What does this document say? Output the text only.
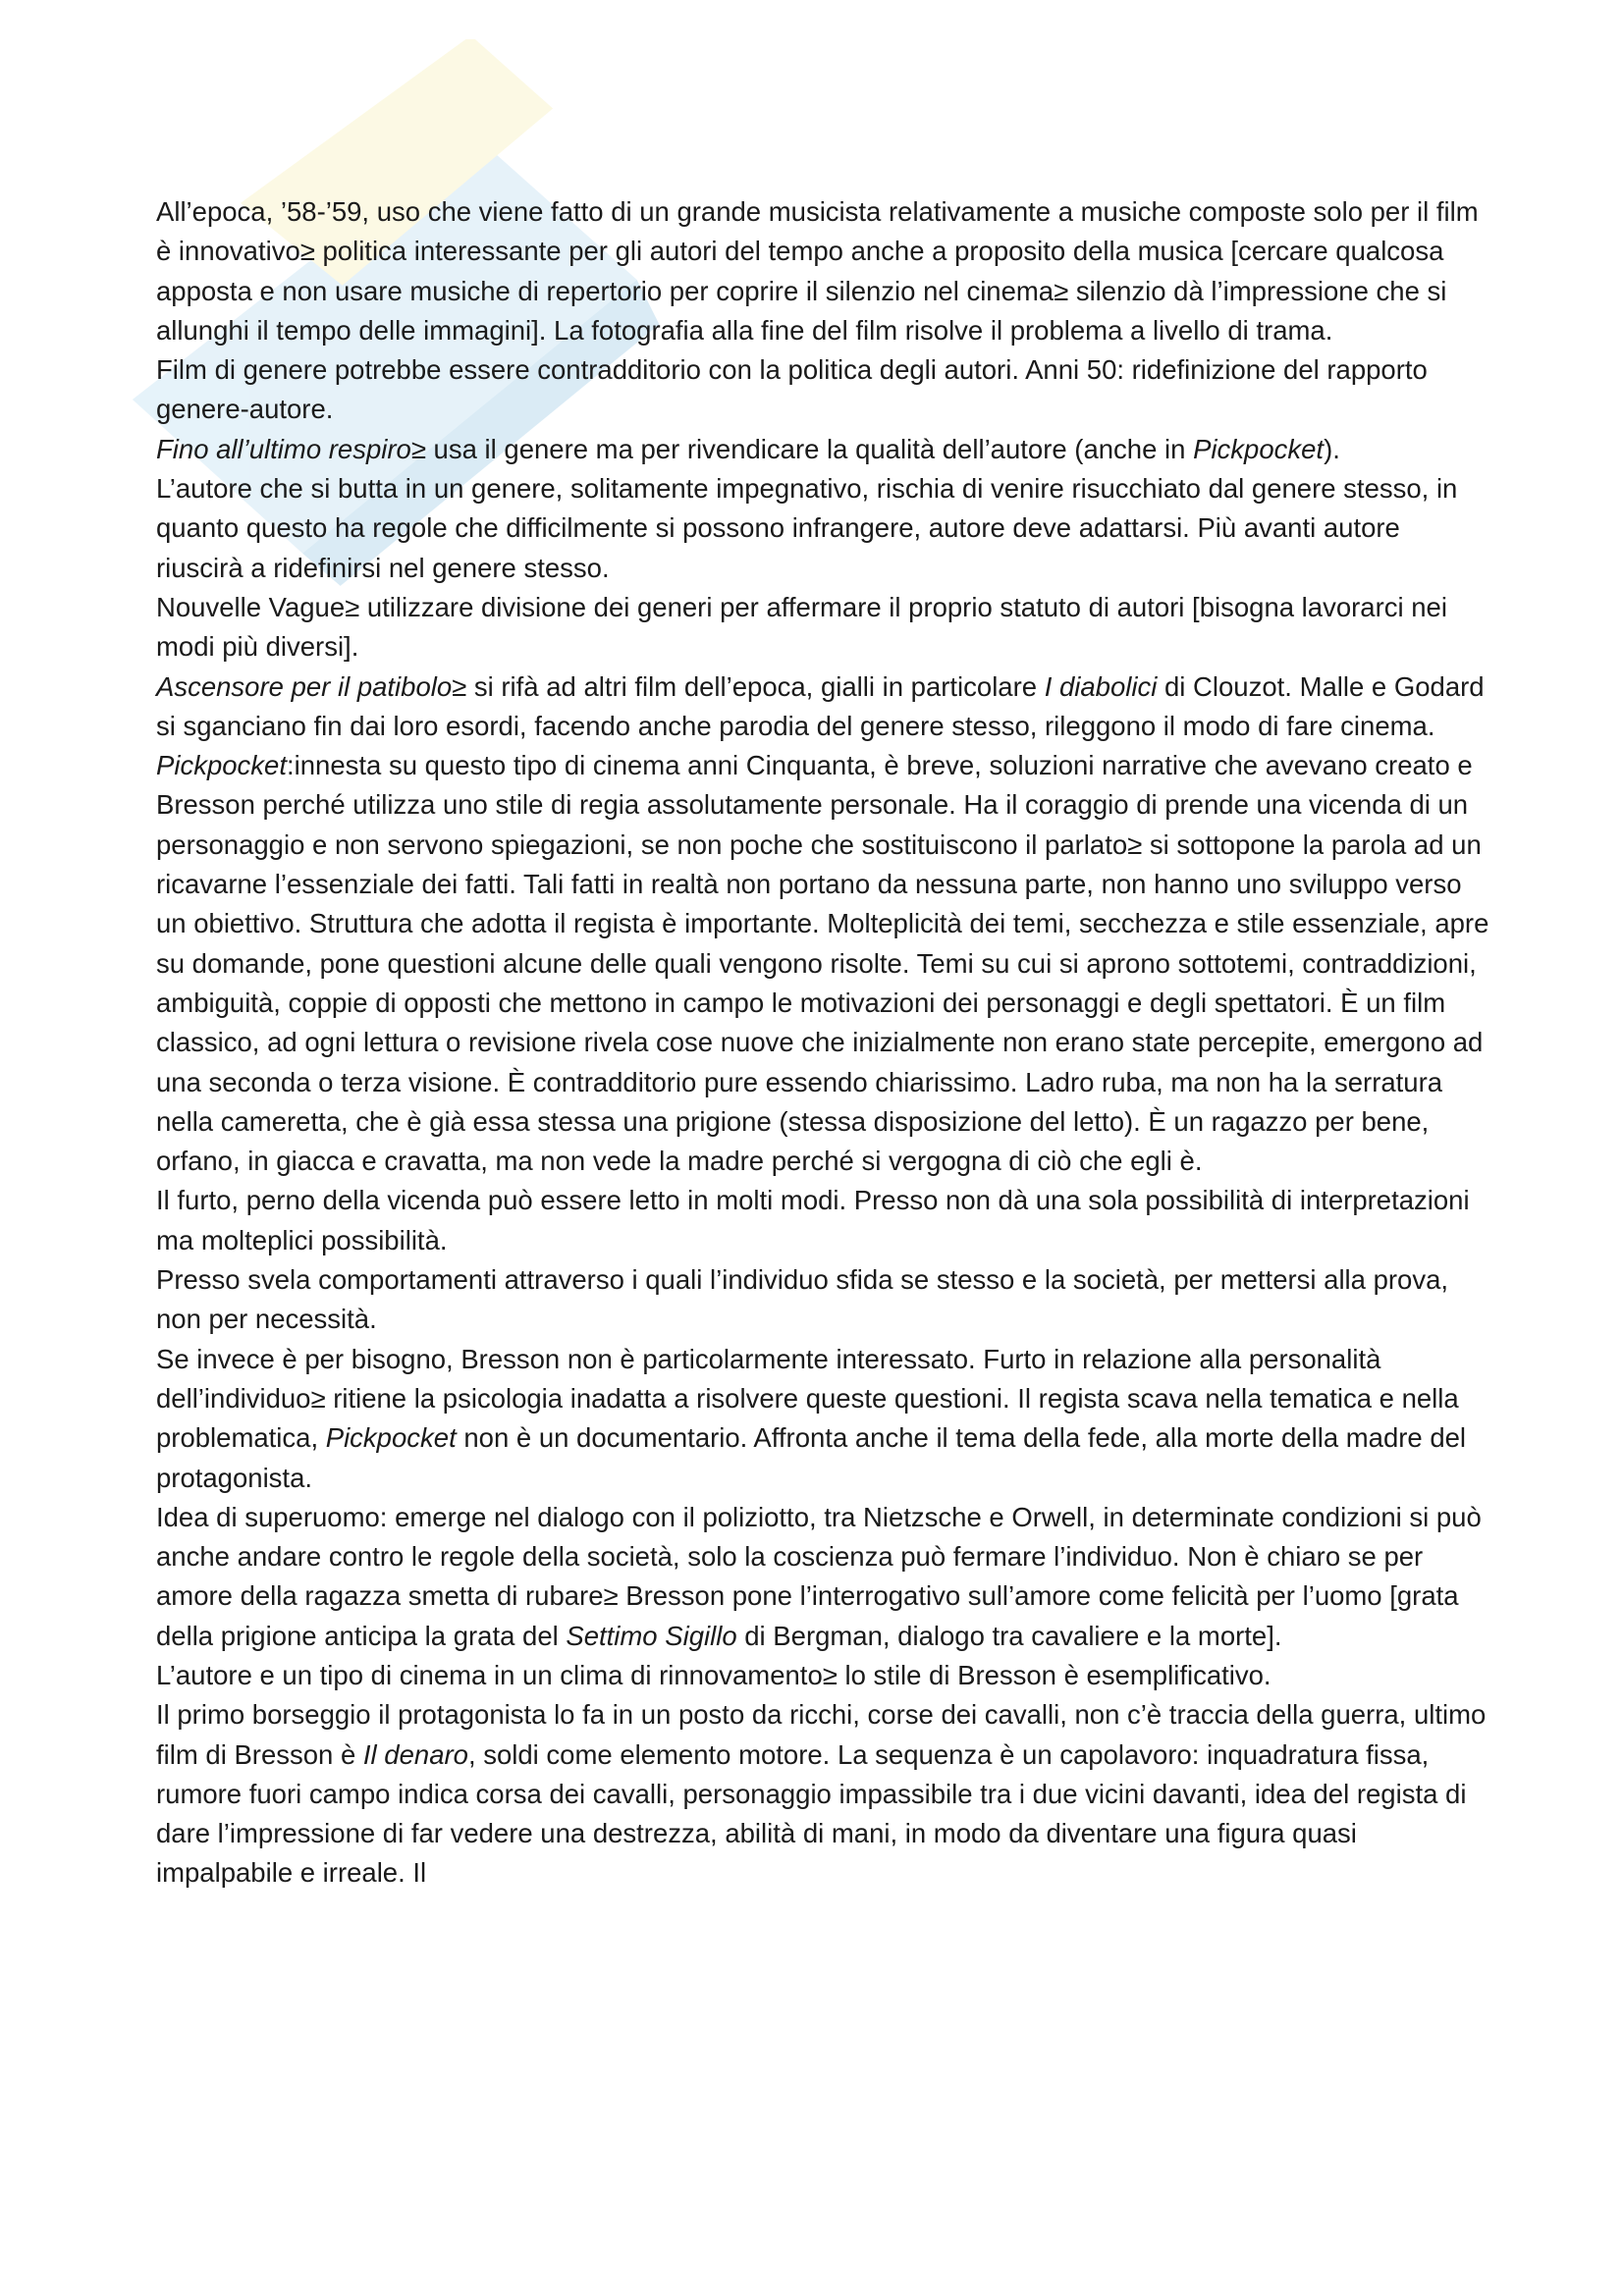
All’epoca, ’58-’59, uso che viene fatto di un grande musicista relativamente a musiche composte solo per il film è innovativo≥ politica interessante per gli autori del tempo anche a proposito della musica [cercare qualcosa apposta e non usare musiche di repertorio per coprire il silenzio nel cinema≥ silenzio dà l’impressione che si allunghi il tempo delle immagini]. La fotografia alla fine del film risolve il problema a livello di trama.

Film di genere potrebbe essere contradditorio con la politica degli autori. Anni 50: ridefinizione del rapporto genere-autore.

Fino all’ultimo respiro≥ usa il genere ma per rivendicare la qualità dell’autore (anche in Pickpocket).

L’autore che si butta in un genere, solitamente impegnativo, rischia di venire risucchiato dal genere stesso, in quanto questo ha regole che difficilmente si possono infrangere, autore deve adattarsi. Più avanti autore riuscirà a ridefinirsi nel genere stesso.

Nouvelle Vague≥ utilizzare divisione dei generi per affermare il proprio statuto di autori [bisogna lavorarci nei modi più diversi].

Ascensore per il patibolo≥ si rifà ad altri film dell’epoca, gialli in particolare I diabolici di Clouzot. Malle e Godard si sganciano fin dai loro esordi, facendo anche parodia del genere stesso, rileggono il modo di fare cinema.

Pickpocket:innesta su questo tipo di cinema anni Cinquanta, è breve, soluzioni narrative che avevano creato e Bresson perché utilizza uno stile di regia assolutamente personale. Ha il coraggio di prende una vicenda di un personaggio e non servono spiegazioni, se non poche che sostituiscono il parlato≥ si sottopone la parola ad un ricavarne l’essenziale dei fatti. Tali fatti in realtà non portano da nessuna parte, non hanno uno sviluppo verso un obiettivo. Struttura che adotta il regista è importante. Molteplicità dei temi, secchezza e stile essenziale, apre su domande, pone questioni alcune delle quali vengono risolte. Temi su cui si aprono sottotemi, contraddizioni, ambiguità, coppie di opposti che mettono in campo le motivazioni dei personaggi e degli spettatori. È un film classico, ad ogni lettura o revisione rivela cose nuove che inizialmente non erano state percepite, emergono ad una seconda o terza visione. È contradditorio pure essendo chiarissimo. Ladro ruba, ma non ha la serratura nella cameretta, che è già essa stessa una prigione (stessa disposizione del letto). È un ragazzo per bene, orfano, in giacca e cravatta, ma non vede la madre perché si vergogna di ciò che egli è.

Il furto, perno della vicenda può essere letto in molti modi. Presso non dà una sola possibilità di interpretazioni ma molteplici possibilità.

Presso svela comportamenti attraverso i quali l’individuo sfida se stesso e la società, per mettersi alla prova, non per necessità.

Se invece è per bisogno, Bresson non è particolarmente interessato. Furto in relazione alla personalità dell’individuo≥ ritiene la psicologia inadatta a risolvere queste questioni. Il regista scava nella tematica e nella problematica, Pickpocket non è un documentario. Affronta anche il tema della fede, alla morte della madre del protagonista.

Idea di superuomo: emerge nel dialogo con il poliziotto, tra Nietzsche e Orwell, in determinate condizioni si può anche andare contro le regole della società, solo la coscienza può fermare l’individuo. Non è chiaro se per amore della ragazza smetta di rubare≥ Bresson pone l’interrogativo sull’amore come felicità per l’uomo [grata della prigione anticipa la grata del Settimo Sigillo di Bergman, dialogo tra cavaliere e la morte].

L’autore e un tipo di cinema in un clima di rinnovamento≥ lo stile di Bresson è esemplificativo.

Il primo borseggio il protagonista lo fa in un posto da ricchi, corse dei cavalli, non c’è traccia della guerra, ultimo film di Bresson è Il denaro, soldi come elemento motore. La sequenza è un capolavoro: inquadratura fissa, rumore fuori campo indica corsa dei cavalli, personaggio impassibile tra i due vicini davanti, idea del regista di dare l’impressione di far vedere una destrezza, abilità di mani, in modo da diventare una figura quasi impalpabile e irreale. Il
